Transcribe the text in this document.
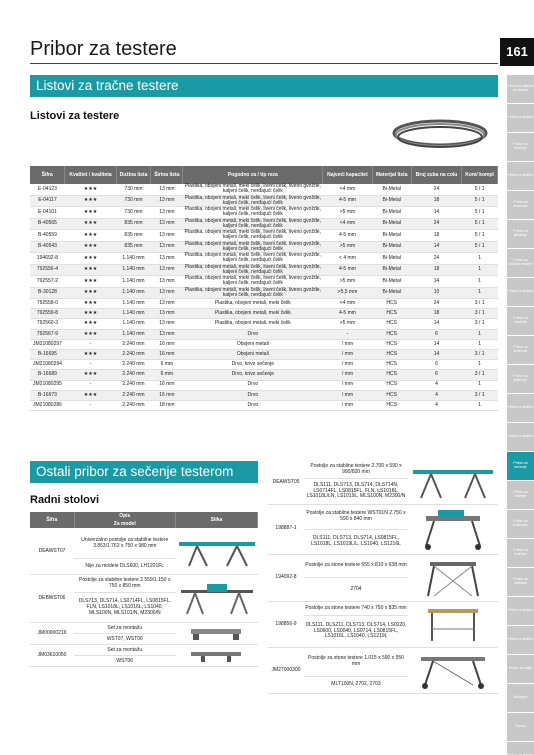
Pribor za testere	161
Listovi za tračne testere
Listovi za testere
Šifra	Kvalitet / kvaliteta	Dužina lista	Širina lista	Pogodno za / tip reza	Najveći kapacitet	Materijal lista	Broj zuba na colu	Kom/ kompl
E-04123	★★★	730 mm	13 mm	Plastika, obojeni metali, meki čelik, liveni čelik, liveno gvožđe, kaljeni čelik, nerđajući čelik	<4 mm	Bi-Metal	24	5 / 1
E-04117	★★★	730 mm	13 mm	Plastika, obojeni metali, meki čelik, liveni čelik, liveno gvožđe, kaljeni čelik, nerđajući čelik	4-5 mm	Bi-Metal	18	5 / 1
E-04101	★★★	730 mm	13 mm	Plastika, obojeni metali, meki čelik, liveni čelik, liveno gvožđe, kaljeni čelik, nerđajući čelik	>5 mm	Bi-Metal	14	5 / 1
B-40565	★★★	835 mm	13 mm	Plastika, obojeni metali, meki čelik, liveni čelik, liveno gvožđe, kaljeni čelik, nerđajući čelik	<4 mm	Bi-Metal	24	5 / 1
B-40559	★★★	835 mm	13 mm	Plastika, obojeni metali, meki čelik, liveni čelik, liveno gvožđe, kaljeni čelik, nerđajući čelik	4-5 mm	Bi-Metal	18	5 / 1
B-40543	★★★	835 mm	13 mm	Plastika, obojeni metali, meki čelik, liveni čelik, liveno gvožđe, kaljeni čelik, nerđajući čelik	>5 mm	Bi-Metal	14	5 / 1
194692-8	★★★	1.140 mm	13 mm	Plastika, obojeni metali, meki čelik, liveni čelik, liveno gvožđe, kaljeni čelik, nerđajući čelik	< 4 mm	Bi-Metal	24	1
792556-4	★★★	1.140 mm	13 mm	Plastika, obojeni metali, meki čelik, liveni čelik, liveno gvožđe, kaljeni čelik, nerđajući čelik	4-5 mm	Bi-Metal	18	1
792557-2	★★★	1.140 mm	13 mm	Plastika, obojeni metali, meki čelik, liveni čelik, liveno gvožđe, kaljeni čelik, nerđajući čelik	>5 mm	Bi-Metal	14	1
B-30128	★★★	1.140 mm	13 mm	Plastika, obojeni metali, meki čelik, liveni čelik, liveno gvožđe, kaljeni čelik, nerđajući čelik	>5,5 mm	Bi-Metal	10	1
792558-0	★★★	1.140 mm	13 mm	Plastika, obojeni metali, meki čelik	<4 mm	HCS	24	3 / 1
792559-8	★★★	1.140 mm	13 mm	Plastika, obojeni metali, meki čelik	4-5 mm	HCS	18	3 / 1
792560-3	★★★	1.140 mm	13 mm	Plastika, obojeni metali, meki čelik	>5 mm	HCS	14	3 / 1
792567-9	★★★	1.140 mm	13 mm	Drvo	-	HCS	6	1
JM21080297	-	2.240 mm	16 mm	Obojeni metali	/ mm	HCS	14	1
B-16695	★★★	2.240 mm	16 mm	Obojeni metali	/ mm	HCS	14	3 / 1
JM21080294	-	2.240 mm	6 mm	Drvo, krivo sečenje	/ mm	HCS	6	1
B-16689	★★★	2.240 mm	6 mm	Drvo, krivo sečenje	/ mm	HCS	6	3 / 1
JM21080295	-	2.240 mm	16 mm	Drvo	/ mm	HCS	4	1
B-16673	★★★	2.240 mm	16 mm	Drvo	/ mm	HCS	4	3 / 1
JM21080286	-	2.240 mm	18 mm	Drvo	/ mm	HCS	4	1
Ostali pribor za sečenje testerom
Radni stolovi
Šifra	Opis	Slika
	Za model	
DEAWST07	Univerzalno postolje za stabilne testere 3.853/1.763 x 750 x 980 mm	

	Nije za modele DLS600, LH1201FL	
DEBWST06	Postolje za stabilne testere 2.559/1.150 x 750 x 850 mm	

	DLS713, DLS714, LS0714FL, LS0815FL, FLN, LS1018L, LS1016L, LS1040, MLS100N, MLS101/N, M2300/N	
JM00000219	Set za montažu	

	WST07, WST06	
JM03610050	Set za montažu	

	WST06	
DEAWST05	Postolje za stabilne testere 2.700 x 590 x 990/820 mm	
	DLS111, DLS713, DLS714, DLS714N, LS0714FL, LS0815FL, FLN, LS1018L, LS1018L/LN, LS1019L, MLS100N, M2300/N	
198887-1	Postolje za stabilne testere WST01N 2.750 x 590 x 840 mm	
	DLS111, DLS713, DLS714, LS0815FL, LS1018L, LS1019L/L, LS1040, LS1216L	
194092-8	Postolje za stone testere 655 x 810 x 638 mm	
	2704	
198856-9	Postolje za stone testere 740 x 750 x 835 mm	
	DLS111, DLS211, DLS713, DLS714, LS0220, LS0600, LS0040, LS0714, LS0815FL, LS1016L, LS1040, LS1219L	
JM27000300	Postolje za stone testere 1.015 x 590 x 550 mm	
	MLT100N, 2702, 2703	
Rezervni diskovi za testere
Pribor za testere
Pribor za bušenje
Pribor za testere
Pribor za stolarsku
Pribor za glodanje
Pribor za ubodne testere
Pribor za testere
Pribor za čišćenje
Pribor za brušenje
Pribor za poliranje
Pribor za testere
Pribor za testere
Pribor za sečenje
Pribor za baterije
Pribor za usisivače
Pribor za bušilice
Pribor za mešanje
Pribor za testere
Pribor za testere
Pribor za alate
Bubnjevi
Razno
Pribor za testere
